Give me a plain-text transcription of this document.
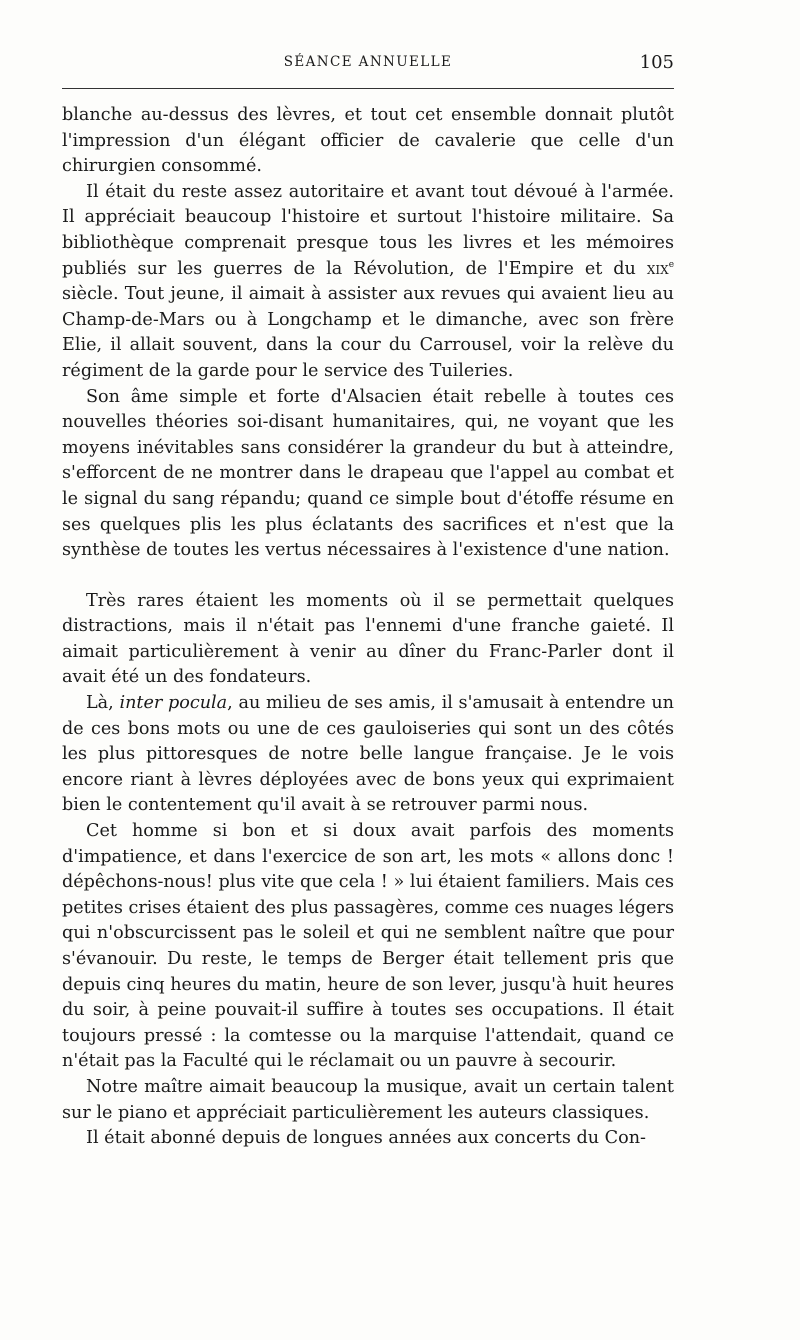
SÉANCE ANNUELLE	105

blanche au-dessus des lèvres, et tout cet ensemble donnait plutôt l'impression d'un élégant officier de cavalerie que celle d'un chirurgien consommé.

Il était du reste assez autoritaire et avant tout dévoué à l'armée. Il appréciait beaucoup l'histoire et surtout l'histoire militaire. Sa bibliothèque comprenait presque tous les livres et les mémoires publiés sur les guerres de la Révolution, de l'Empire et du xix$^e$ siècle. Tout jeune, il aimait à assister aux revues qui avaient lieu au Champ-de-Mars ou à Longchamp et le dimanche, avec son frère Elie, il allait souvent, dans la cour du Carrousel, voir la relève du régiment de la garde pour le service des Tuileries.

Son âme simple et forte d'Alsacien était rebelle à toutes ces nouvelles théories soi-disant humanitaires, qui, ne voyant que les moyens inévitables sans considérer la grandeur du but à atteindre, s'efforcent de ne montrer dans le drapeau que l'appel au combat et le signal du sang répandu; quand ce simple bout d'étoffe résume en ses quelques plis les plus éclatants des sacrifices et n'est que la synthèse de toutes les vertus nécessaires à l'existence d'une nation.

Très rares étaient les moments où il se permettait quelques distractions, mais il n'était pas l'ennemi d'une franche gaieté. Il aimait particulièrement à venir au dîner du Franc-Parler dont il avait été un des fondateurs.

Là, inter pocula, au milieu de ses amis, il s'amusait à entendre un de ces bons mots ou une de ces gauloiseries qui sont un des côtés les plus pittoresques de notre belle langue française. Je le vois encore riant à lèvres déployées avec de bons yeux qui exprimaient bien le contentement qu'il avait à se retrouver parmi nous.

Cet homme si bon et si doux avait parfois des moments d'impatience, et dans l'exercice de son art, les mots « allons donc ! dépêchons-nous! plus vite que cela ! » lui étaient familiers. Mais ces petites crises étaient des plus passagères, comme ces nuages légers qui n'obscurcissent pas le soleil et qui ne semblent naître que pour s'évanouir. Du reste, le temps de Berger était tellement pris que depuis cinq heures du matin, heure de son lever, jusqu'à huit heures du soir, à peine pouvait-il suffire à toutes ses occupations. Il était toujours pressé : la comtesse ou la marquise l'attendait, quand ce n'était pas la Faculté qui le réclamait ou un pauvre à secourir.

Notre maître aimait beaucoup la musique, avait un certain talent sur le piano et appréciait particulièrement les auteurs classiques.

Il était abonné depuis de longues années aux concerts du Con-
